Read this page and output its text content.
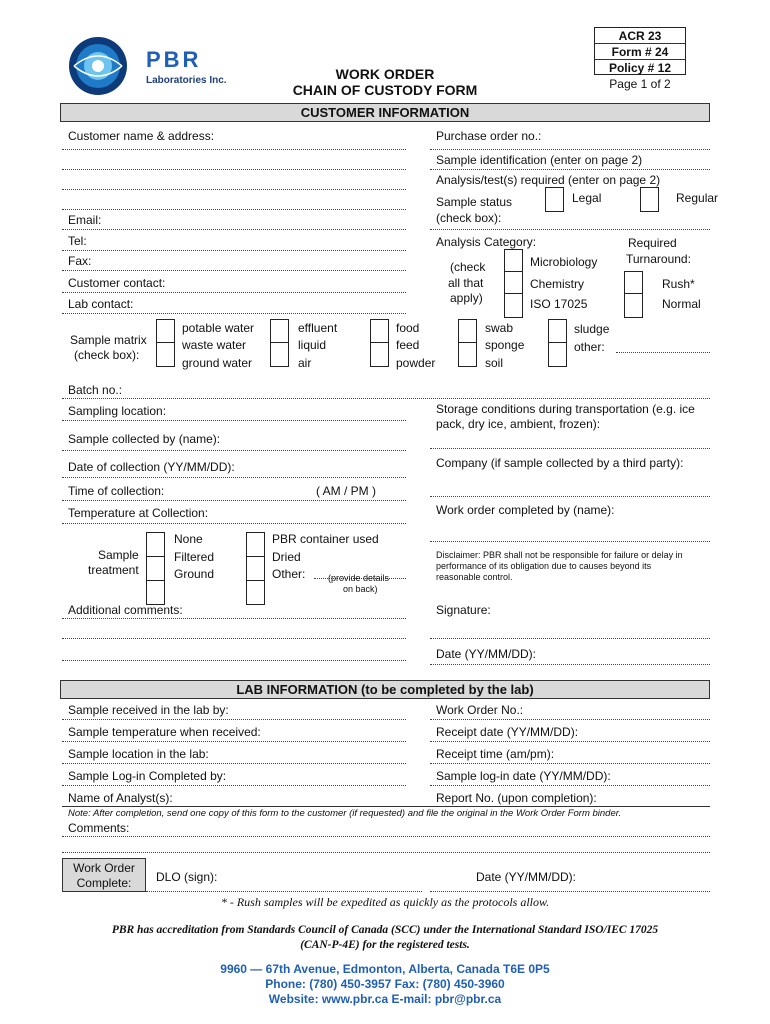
PBR
Laboratories Inc.	WORK ORDER
CHAIN OF CUSTODY FORM
ACR 23
Form # 24
Policy # 12
Page 1 of 2
CUSTOMER INFORMATION
Customer name & address:
Email:
Tel:
Fax:
Customer contact:
Lab contact:
Purchase order no.:
Sample identification (enter on page 2)
Analysis/test(s) required (enter on page 2)
Sample status
(check box):
Legal	Regular
Analysis Category:
(check
all that
apply)
Microbiology
Chemistry
ISO 17025
Required
Turnaround:
Rush*
Normal
Sample matrix
(check box):
potable water
waste water
ground water
effluent
liquid
air
food
feed
powder
swab
sponge
soil
sludge
other:
Batch no.:
Sampling location:
Sample collected by (name):
Date of collection (YY/MM/DD):
Time of collection:	( AM / PM )
Temperature at Collection:
Storage conditions during transportation (e.g. ice
pack, dry ice, ambient, frozen):
Company (if sample collected by a third party):
Work order completed by (name):
Sample
treatment
None
Filtered
Ground
PBR container used
Dried
Other:	(provide details
on back)
Disclaimer: PBR shall not be responsible for failure or delay in
performance of its obligation due to causes beyond its
reasonable control.
Additional comments:	Signature:
Date (YY/MM/DD):
LAB INFORMATION (to be completed by the lab)
Sample received in the lab by:
Sample temperature when received:
Sample location in the lab:
Sample Log-in Completed by:
Name of Analyst(s):
Work Order No.:
Receipt date (YY/MM/DD):
Receipt time (am/pm):
Sample log-in date (YY/MM/DD):
Report No. (upon completion):
Note: After completion, send one copy of this form to the customer (if requested) and file the original in the Work Order Form binder.
Comments:
Work Order
Complete:	DLO (sign):	Date (YY/MM/DD):
* - Rush samples will be expedited as quickly as the protocols allow.
PBR has accreditation from Standards Council of Canada (SCC) under the International Standard ISO/IEC 17025
(CAN-P-4E) for the registered tests.
9960 — 67th Avenue, Edmonton, Alberta, Canada T6E 0P5
Phone: (780) 450-3957 Fax: (780) 450-3960
Website: www.pbr.ca E-mail: pbr@pbr.ca
